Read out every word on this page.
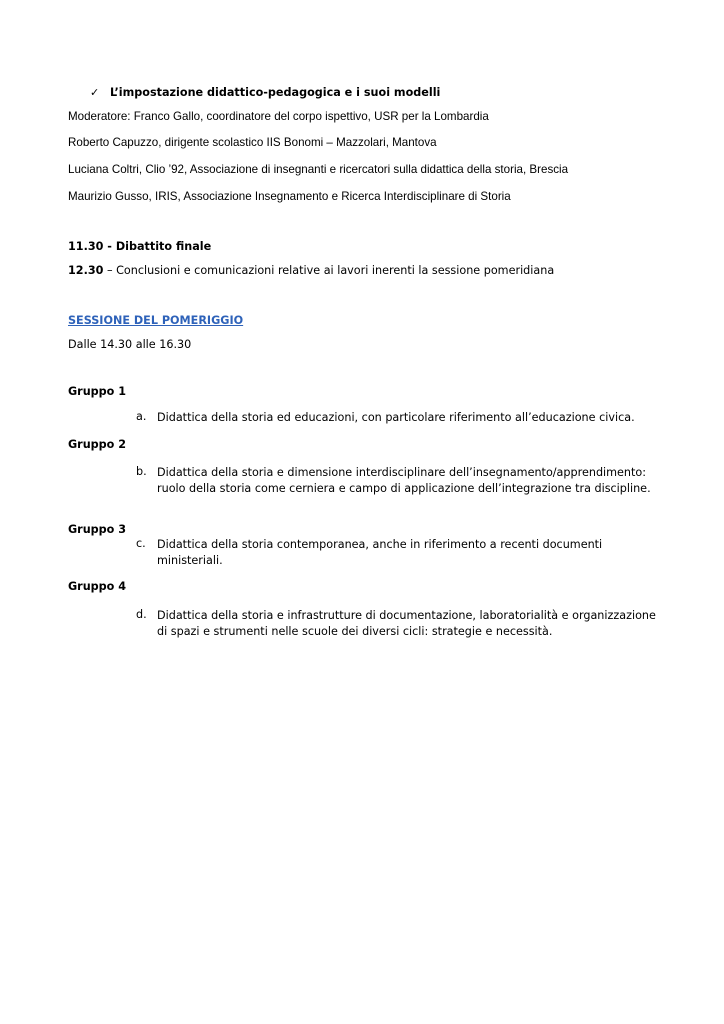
✓ L’impostazione didattico-pedagogica e i suoi modelli
Moderatore: Franco Gallo, coordinatore del corpo ispettivo, USR per la Lombardia
Roberto Capuzzo, dirigente scolastico IIS Bonomi – Mazzolari, Mantova
Luciana Coltri, Clio ’92, Associazione di insegnanti e ricercatori sulla didattica della storia, Brescia
Maurizio Gusso, IRIS, Associazione Insegnamento e Ricerca Interdisciplinare di Storia
11.30 - Dibattito finale
12.30 – Conclusioni e comunicazioni relative ai lavori inerenti la sessione pomeridiana
SESSIONE DEL POMERIGGIO
Dalle 14.30 alle 16.30
Gruppo 1
a. Didattica della storia ed educazioni, con particolare riferimento all’educazione civica.
Gruppo 2
b. Didattica della storia e dimensione interdisciplinare dell’insegnamento/apprendimento:
ruolo della storia come cerniera e campo di applicazione dell’integrazione tra discipline.
Gruppo 3
c. Didattica della storia contemporanea, anche in riferimento a recenti documenti
ministeriali.
Gruppo 4
d. Didattica della storia e infrastrutture di documentazione, laboratorialità e organizzazione
di spazi e strumenti nelle scuole dei diversi cicli: strategie e necessità.
